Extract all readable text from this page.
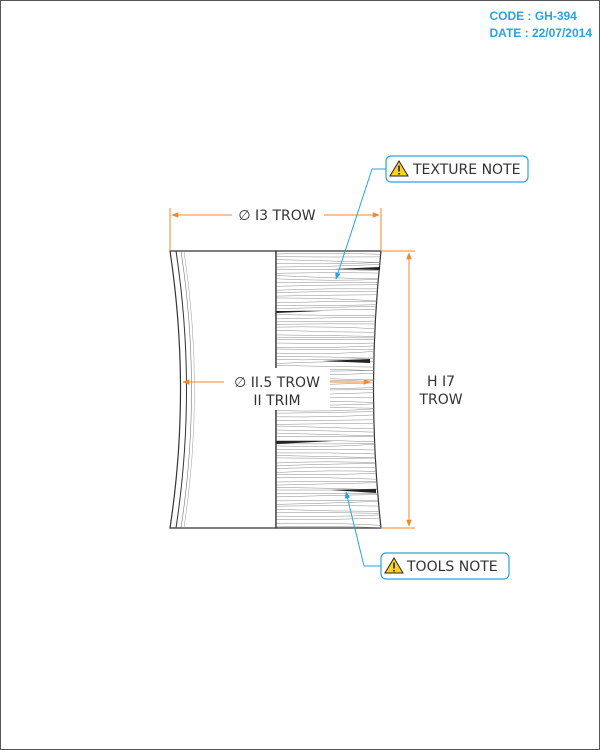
CODE : GH-394
DATE : 22/07/2014
∅ I3 TROW
∅ II.5 TROW
II TRIM
H I7
TROW
TEXTURE NOTE
TOOLS NOTE
